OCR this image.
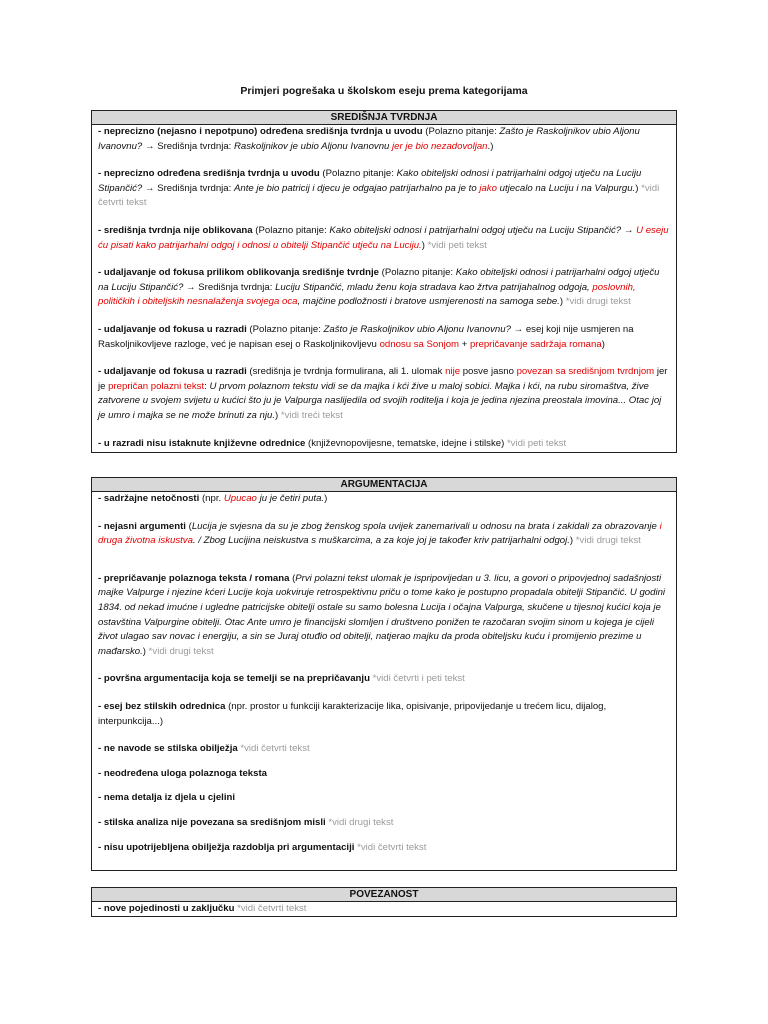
Primjeri pogrešaka u školskom eseju prema kategorijama
SREDIŠNJA TVRDNJA
- neprecizno (nejasno i nepotpuno) određena središnja tvrdnja u uvodu (Polazno pitanje: Zašto je Raskoljnikov ubio Aljonu Ivanovnu? → Središnja tvrdnja: Raskoljnikov je ubio Aljonu Ivanovnu jer je bio nezadovoljan.)
- neprecizno određena središnja tvrdnja u uvodu (Polazno pitanje: Kako obiteljski odnosi i patrijarhalni odgoj utječu na Luciju Stipančić? → Središnja tvrdnja: Ante je bio patricij i djecu je odgajao patrijarhalno pa je to jako utjecalo na Luciju i na Valpurgu.) *vidi četvrti tekst
- središnja tvrdnja nije oblikovana (Polazno pitanje: Kako obiteljski odnosi i patrijarhalni odgoj utječu na Luciju Stipančić? → U eseju ću pisati kako patrijarhalni odgoj i odnosi u obitelji Stipančić utječu na Luciju.) *vidi peti tekst
- udaljavanje od fokusa prilikom oblikovanja središnje tvrdnje (Polazno pitanje: Kako obiteljski odnosi i patrijarhalni odgoj utječu na Luciju Stipančić? → Središnja tvrdnja: Luciju Stipančić, mladu ženu koja stradava kao žrtva patrijahalnog odgoja, poslovnih, političkih i obiteljskih nesnalaženja svojega oca, majčine podložnosti i bratove usmjerenosti na samoga sebe.) *vidi drugi tekst
- udaljavanje od fokusa u razradi (Polazno pitanje: Zašto je Raskoljnikov ubio Aljonu Ivanovnu? → esej koji nije usmjeren na Raskoljnikovljeve razloge, već je napisan esej o Raskoljnikovljevu odnosu sa Sonjom + prepričavanje sadržaja romana)
- udaljavanje od fokusa u razradi (središnja je tvrdnja formulirana, ali 1. ulomak nije posve jasno povezan sa središnjom tvrdnjom jer je prepričan polazni tekst: U prvom polaznom tekstu vidi se da majka i kći žive u maloj sobici. Majka i kći, na rubu siromaštva, žive zatvorene u svojem svijetu u kućici što ju je Valpurga naslijedila od svojih roditelja i koja je jedina njezina preostala imovina... Otac joj je umro i majka se ne može brinuti za nju.) *vidi treći tekst
- u razradi nisu istaknute književne odrednice (književnopovijesne, tematske, idejne i stilske) *vidi peti tekst
ARGUMENTACIJA
- sadržajne netočnosti (npr. Upucao ju je četiri puta.)
- nejasni argumenti (Lucija je svjesna da su je zbog ženskog spola uvijek zanemarivali u odnosu na brata i zakidali za obrazovanje i druga životna iskustva. / Zbog Lucijina neiskustva s muškarcima, a za koje joj je također kriv patrijarhalni odgoj.) *vidi drugi tekst
- prepričavanje polaznoga teksta / romana (Prvi polazni tekst ulomak je ispripovijedan u 3. licu, a govori o pripovjednoj sadašnjosti majke Valpurge i njezine kćeri Lucije koja uokviruje retrospektivnu priču o tome kako je postupno propadala obitelji Stipančić. U godini 1834. od nekad imućne i ugledne patricijske obitelji ostale su samo bolesna Lucija i očajna Valpurga, skučene u tijesnoj kućici koja je ostavština Valpurgine obitelji. Otac Ante umro je financijski slomljen i društveno ponižen te razočaran svojim sinom u kojega je cijeli život ulagao sav novac i energiju, a sin se Juraj otuđio od obitelji, natjerao majku da proda obiteljsku kuću i promijenio prezime u mađarsko.) *vidi drugi tekst
- površna argumentacija koja se temelji se na prepričavanju *vidi četvrti i peti tekst
- esej bez stilskih odrednica (npr. prostor u funkciji karakterizacije lika, opisivanje, pripovijedanje u trećem licu, dijalog, interpunkcija...)
- ne navode se stilska obilježja *vidi četvrti tekst
- neodređena uloga polaznoga teksta
- nema detalja iz djela u cjelini
- stilska analiza nije povezana sa središnjom misli *vidi drugi tekst
- nisu upotrijebljena obilježja razdoblja pri argumentaciji *vidi četvrti tekst
POVEZANOST
- nove pojedinosti u zaključku *vidi četvrti tekst
